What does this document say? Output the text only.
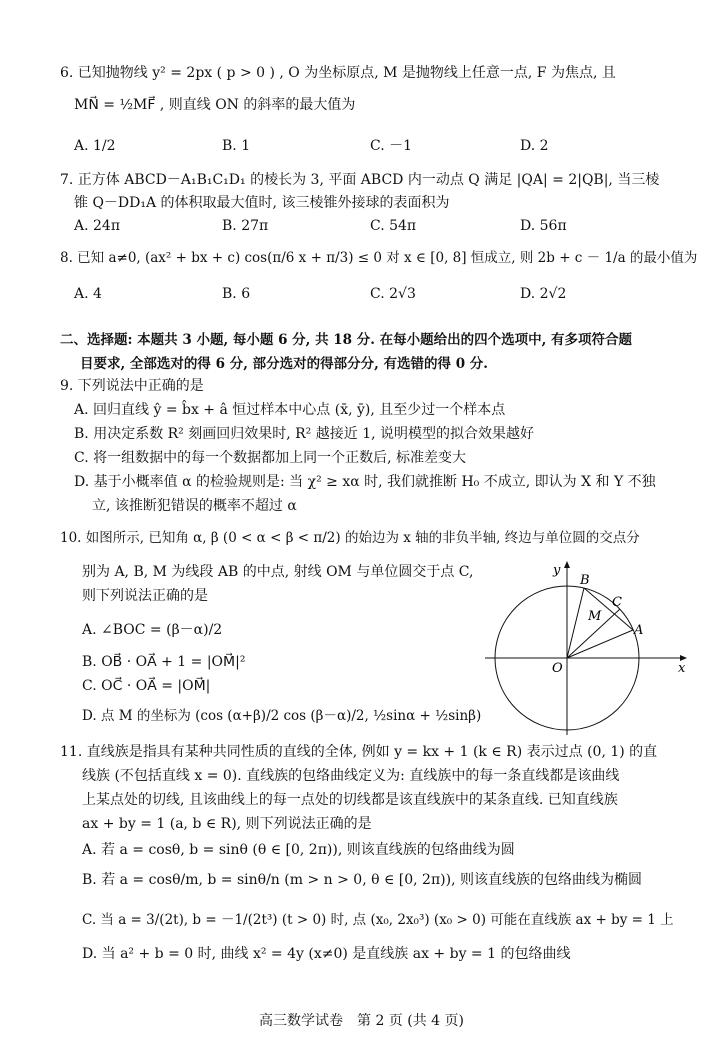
6. 已知抛物线 y² = 2px ( p > 0 ) , O 为坐标原点, M 是抛物线上任意一点, F 为焦点, 且
MN⃗ = ½MF⃗ , 则直线 ON 的斜率的最大值为
A. 1/2	B. 1	C. －1	D. 2
7. 正方体 ABCD－A₁B₁C₁D₁ 的棱长为 3, 平面 ABCD 内一动点 Q 满足 |QA| = 2|QB|, 当三棱
锥 Q－DD₁A 的体积取最大值时, 该三棱锥外接球的表面积为
A. 24π	B. 27π	C. 54π	D. 56π
8. 已知 a≠0, (ax² + bx + c) cos(π/6 x + π/3) ≤ 0 对 x ∈ [0, 8] 恒成立, 则 2b + c － 1/a 的最小值为
A. 4	B. 6	C. 2√3	D. 2√2
二、选择题: 本题共 3 小题, 每小题 6 分, 共 18 分. 在每小题给出的四个选项中, 有多项符合题
目要求, 全部选对的得 6 分, 部分选对的得部分分, 有选错的得 0 分.
9. 下列说法中正确的是
A. 回归直线 ŷ = b̂x + â 恒过样本中心点 (x̄, ȳ), 且至少过一个样本点
B. 用决定系数 R² 刻画回归效果时, R² 越接近 1, 说明模型的拟合效果越好
C. 将一组数据中的每一个数据都加上同一个正数后, 标准差变大
D. 基于小概率值 α 的检验规则是: 当 χ² ≥ xα 时, 我们就推断 H₀ 不成立, 即认为 X 和 Y 不独
立, 该推断犯错误的概率不超过 α
10. 如图所示, 已知角 α, β (0 < α < β < π/2) 的始边为 x 轴的非负半轴, 终边与单位圆的交点分
别为 A, B, M 为线段 AB 的中点, 射线 OM 与单位圆交于点 C,
则下列说法正确的是
A. ∠BOC = (β－α)/2
B. OB⃗ · OA⃗ + 1 = |OM⃗|²
C. OC⃗ · OA⃗ = |OM⃗|
D. 点 M 的坐标为 (cos (α+β)/2 cos (β－α)/2, ½sinα + ½sinβ)
y
x
O
B
C
M
A
11. 直线族是指具有某种共同性质的直线的全体, 例如 y = kx + 1 (k ∈ R) 表示过点 (0, 1) 的直
线族 (不包括直线 x = 0). 直线族的包络曲线定义为: 直线族中的每一条直线都是该曲线
上某点处的切线, 且该曲线上的每一点处的切线都是该直线族中的某条直线. 已知直线族
ax + by = 1 (a, b ∈ R), 则下列说法正确的是
A. 若 a = cosθ, b = sinθ (θ ∈ [0, 2π)), 则该直线族的包络曲线为圆
B. 若 a = cosθ/m, b = sinθ/n (m > n > 0, θ ∈ [0, 2π)), 则该直线族的包络曲线为椭圆
C. 当 a = 3/(2t), b = －1/(2t³) (t > 0) 时, 点 (x₀, 2x₀³) (x₀ > 0) 可能在直线族 ax + by = 1 上
D. 当 a² + b = 0 时, 曲线 x² = 4y (x≠0) 是直线族 ax + by = 1 的包络曲线
高三数学试卷　第 2 页 (共 4 页)
